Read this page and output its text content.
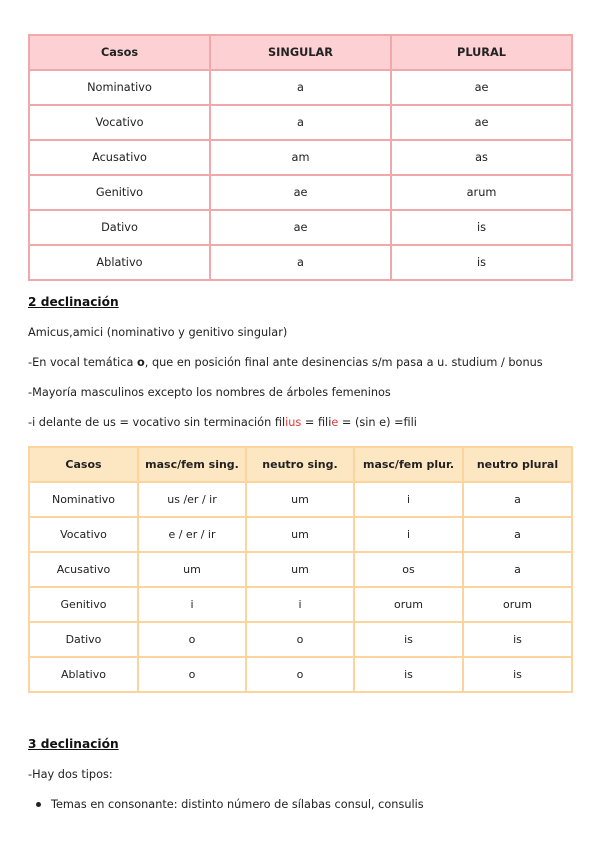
Casos	SINGULAR	PLURAL
Nominativo	a	ae
Vocativo	a	ae
Acusativo	am	as
Genitivo	ae	arum
Dativo	ae	is
Ablativo	a	is
2 declinación
Amicus,amici (nominativo y genitivo singular)
-En vocal temática o, que en posición final ante desinencias s/m pasa a u. studium / bonus
-Mayoría masculinos excepto los nombres de árboles femeninos
-i delante de us = vocativo sin terminación filius = filie = (sin e) =fili
Casos	masc/fem sing.	neutro sing.	masc/fem plur.	neutro plural
Nominativo	us /er / ir	um	i	a
Vocativo	e / er / ir	um	i	a
Acusativo	um	um	os	a
Genitivo	i	i	orum	orum
Dativo	o	o	is	is
Ablativo	o	o	is	is
3 declinación
-Hay dos tipos:
Temas en consonante: distinto número de sílabas consul, consulis
